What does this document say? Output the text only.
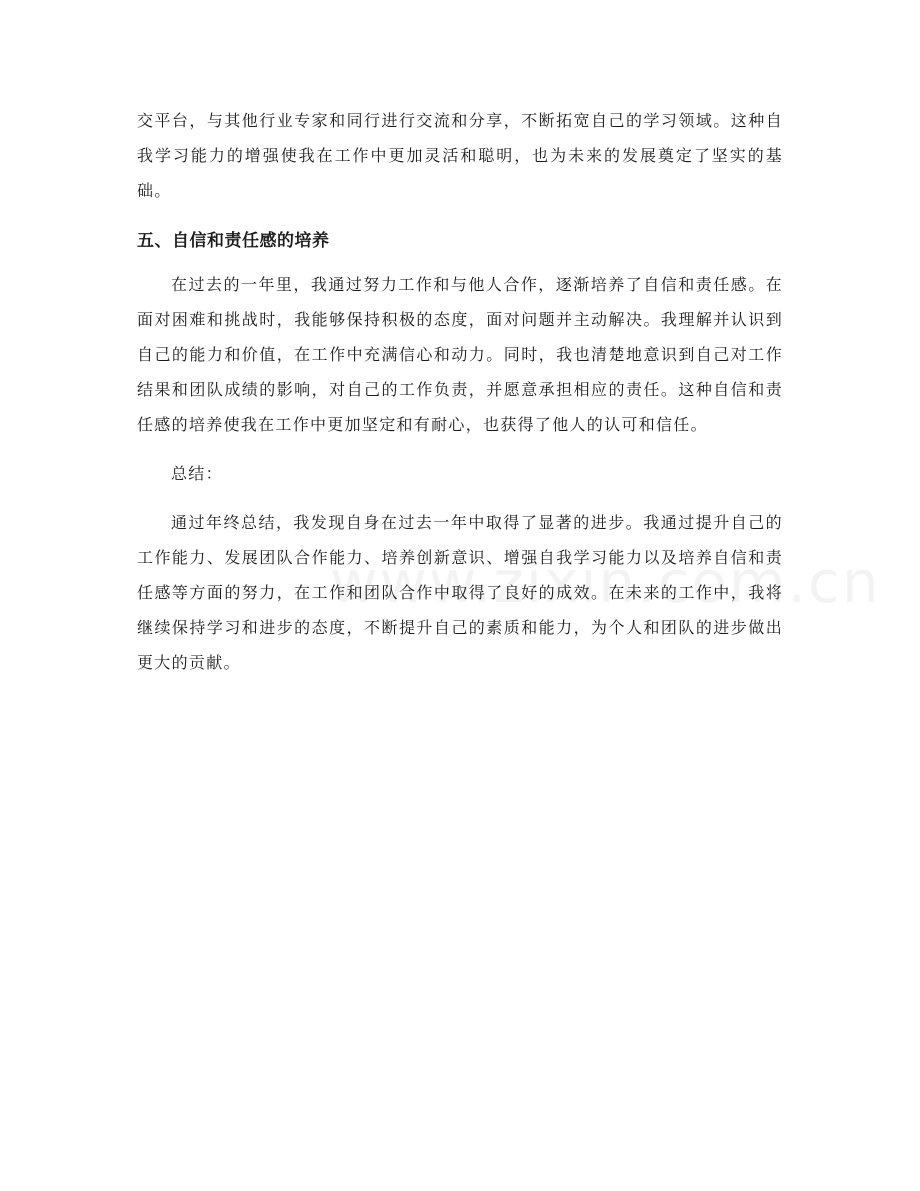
交平台，与其他行业专家和同行进行交流和分享，不断拓宽自己的学习领域。这种自我学习能力的增强使我在工作中更加灵活和聪明，也为未来的发展奠定了坚实的基础。

五、自信和责任感的培养

在过去的一年里，我通过努力工作和与他人合作，逐渐培养了自信和责任感。在面对困难和挑战时，我能够保持积极的态度，面对问题并主动解决。我理解并认识到自己的能力和价值，在工作中充满信心和动力。同时，我也清楚地意识到自己对工作结果和团队成绩的影响，对自己的工作负责，并愿意承担相应的责任。这种自信和责任感的培养使我在工作中更加坚定和有耐心，也获得了他人的认可和信任。

总结：

通过年终总结，我发现自身在过去一年中取得了显著的进步。我通过提升自己的工作能力、发展团队合作能力、培养创新意识、增强自我学习能力以及培养自信和责任感等方面的努力，在工作和团队合作中取得了良好的成效。在未来的工作中，我将继续保持学习和进步的态度，不断提升自己的素质和能力，为个人和团队的进步做出更大的贡献。
